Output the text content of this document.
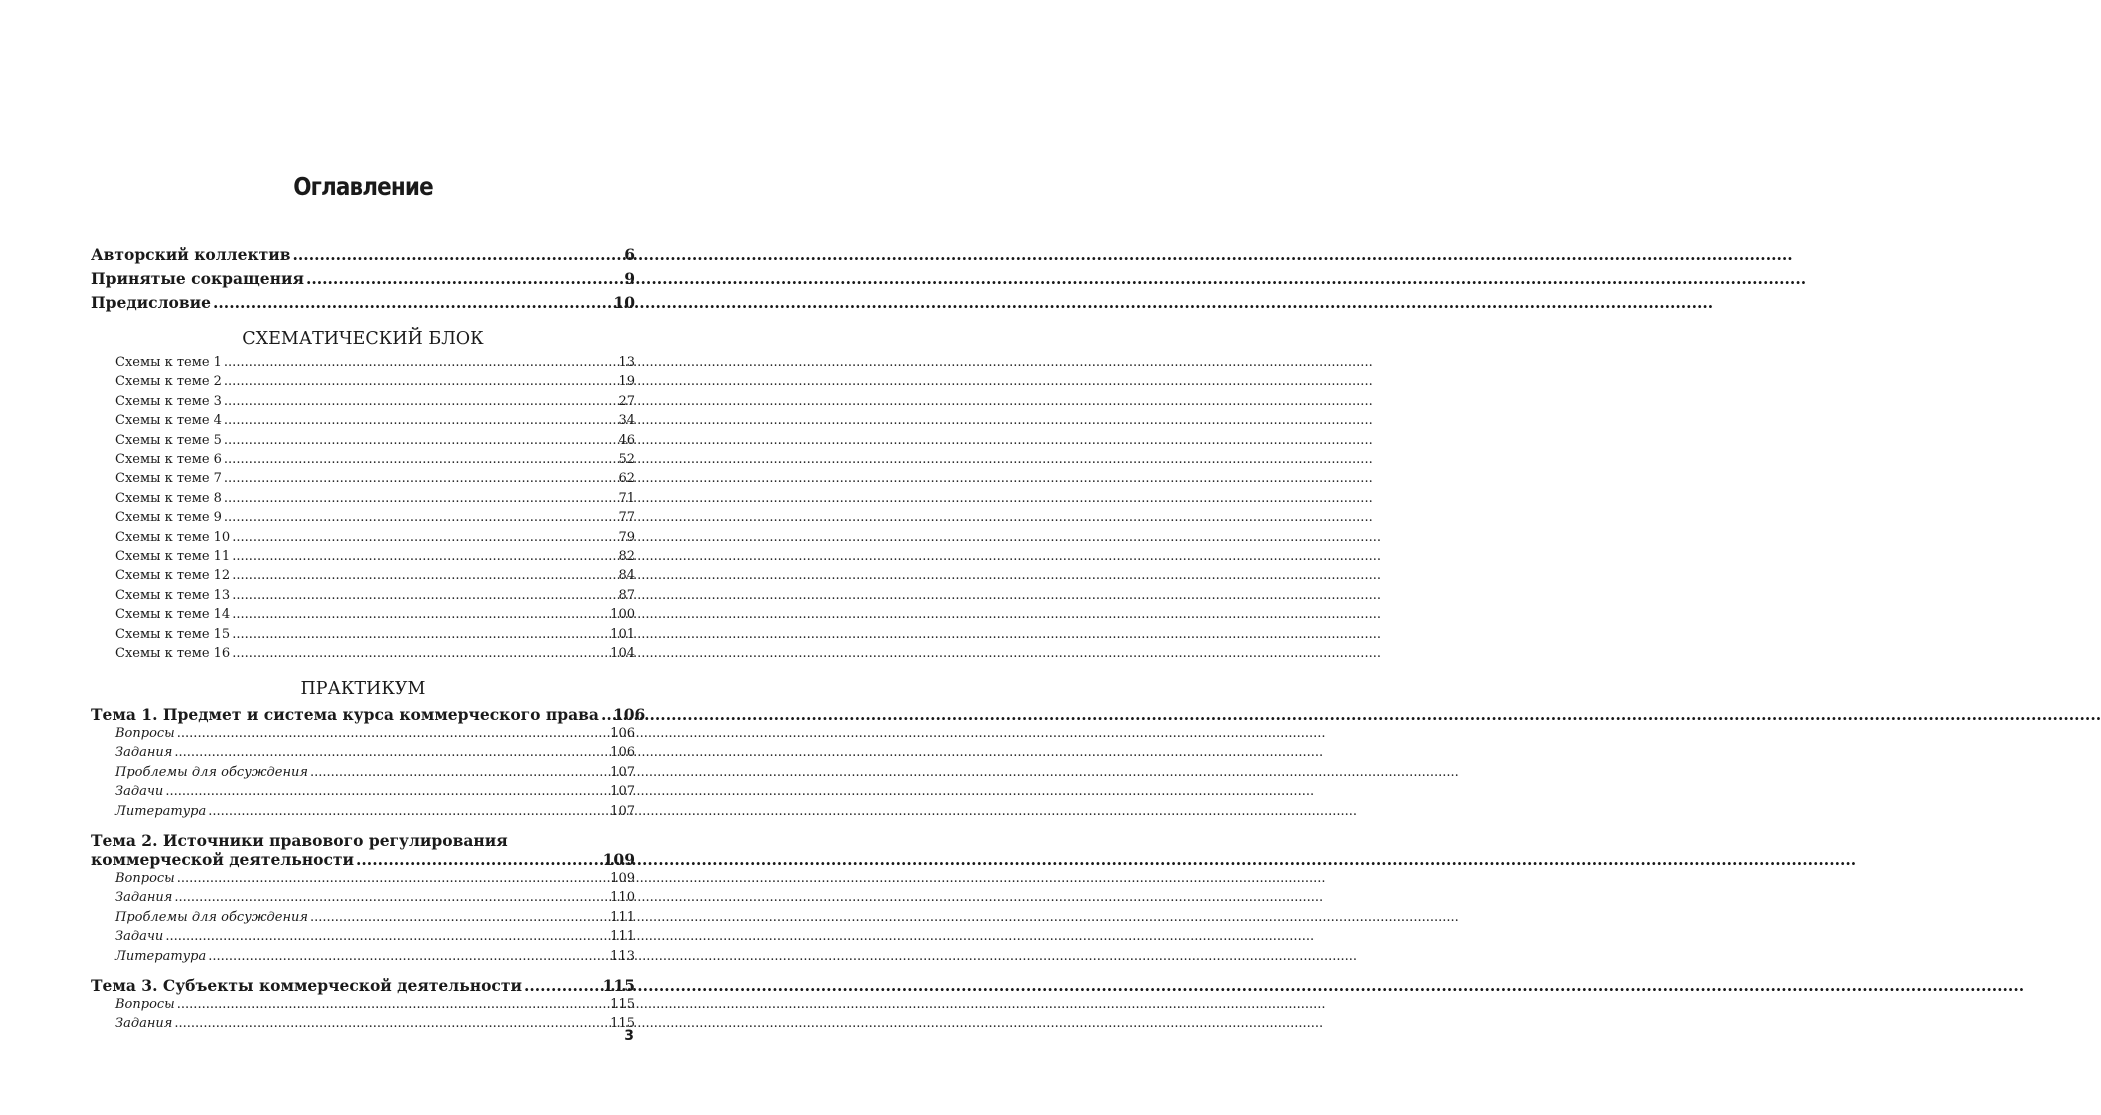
Оглавление
Авторский коллектив .....	6
Принятые сокращения .....	9
Предисловие .....	10
СХЕМАТИЧЕСКИЙ БЛОК
Схемы к теме 1 .....	13
Схемы к теме 2 .....	19
Схемы к теме 3 .....	27
Схемы к теме 4 .....	34
Схемы к теме 5 .....	46
Схемы к теме 6 .....	52
Схемы к теме 7 .....	62
Схемы к теме 8 .....	71
Схемы к теме 9 .....	77
Схемы к теме 10 .....	79
Схемы к теме 11 .....	82
Схемы к теме 12 .....	84
Схемы к теме 13 .....	87
Схемы к теме 14 .....	100
Схемы к теме 15 .....	101
Схемы к теме 16 .....	104
ПРАКТИКУМ
Тема 1. Предмет и система курса коммерческого права ..... 106
Вопросы .....	106
Задания .....	106
Проблемы для обсуждения .....	107
Задачи .....	107
Литература .....	107
Тема 2. Источники правового регулирования
коммерческой деятельности .....	109
Вопросы .....	109
Задания .....	110
Проблемы для обсуждения .....	111
Задачи .....	111
Литература .....	113
Тема 3. Субъекты коммерческой деятельности .....	115
Вопросы .....	115
Задания .....	115
3
